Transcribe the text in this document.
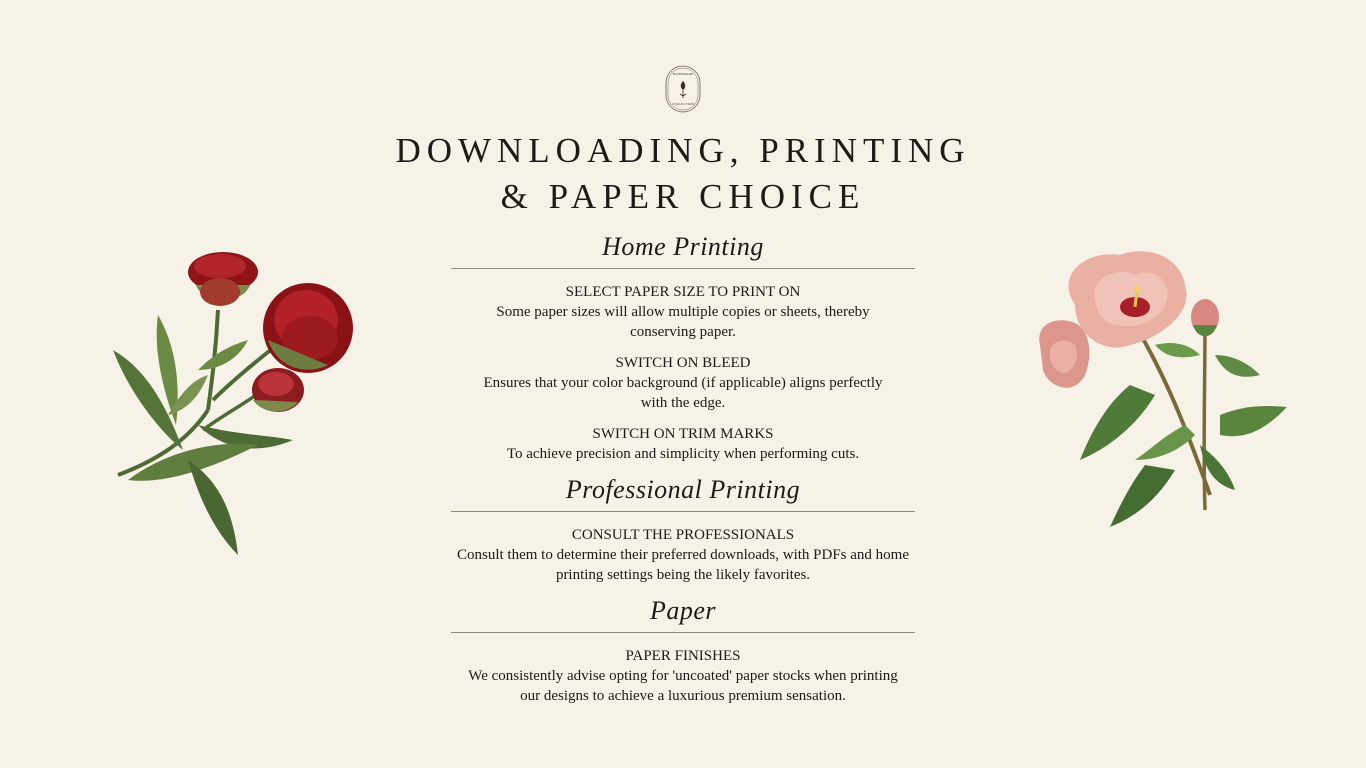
HANDMADE
COLLECTION
DOWNLOADING, PRINTING
& PAPER CHOICE
Home Printing
SELECT PAPER SIZE TO PRINT ON
Some paper sizes will allow multiple copies or sheets, thereby conserving paper.
SWITCH ON BLEED
Ensures that your color background (if applicable) aligns perfectly with the edge.
SWITCH ON TRIM MARKS
To achieve precision and simplicity when performing cuts.
Professional Printing
CONSULT THE PROFESSIONALS
Consult them to determine their preferred downloads, with PDFs and home printing settings being the likely favorites.
Paper
PAPER FINISHES
We consistently advise opting for 'uncoated' paper stocks when printing our designs to achieve a luxurious premium sensation.
